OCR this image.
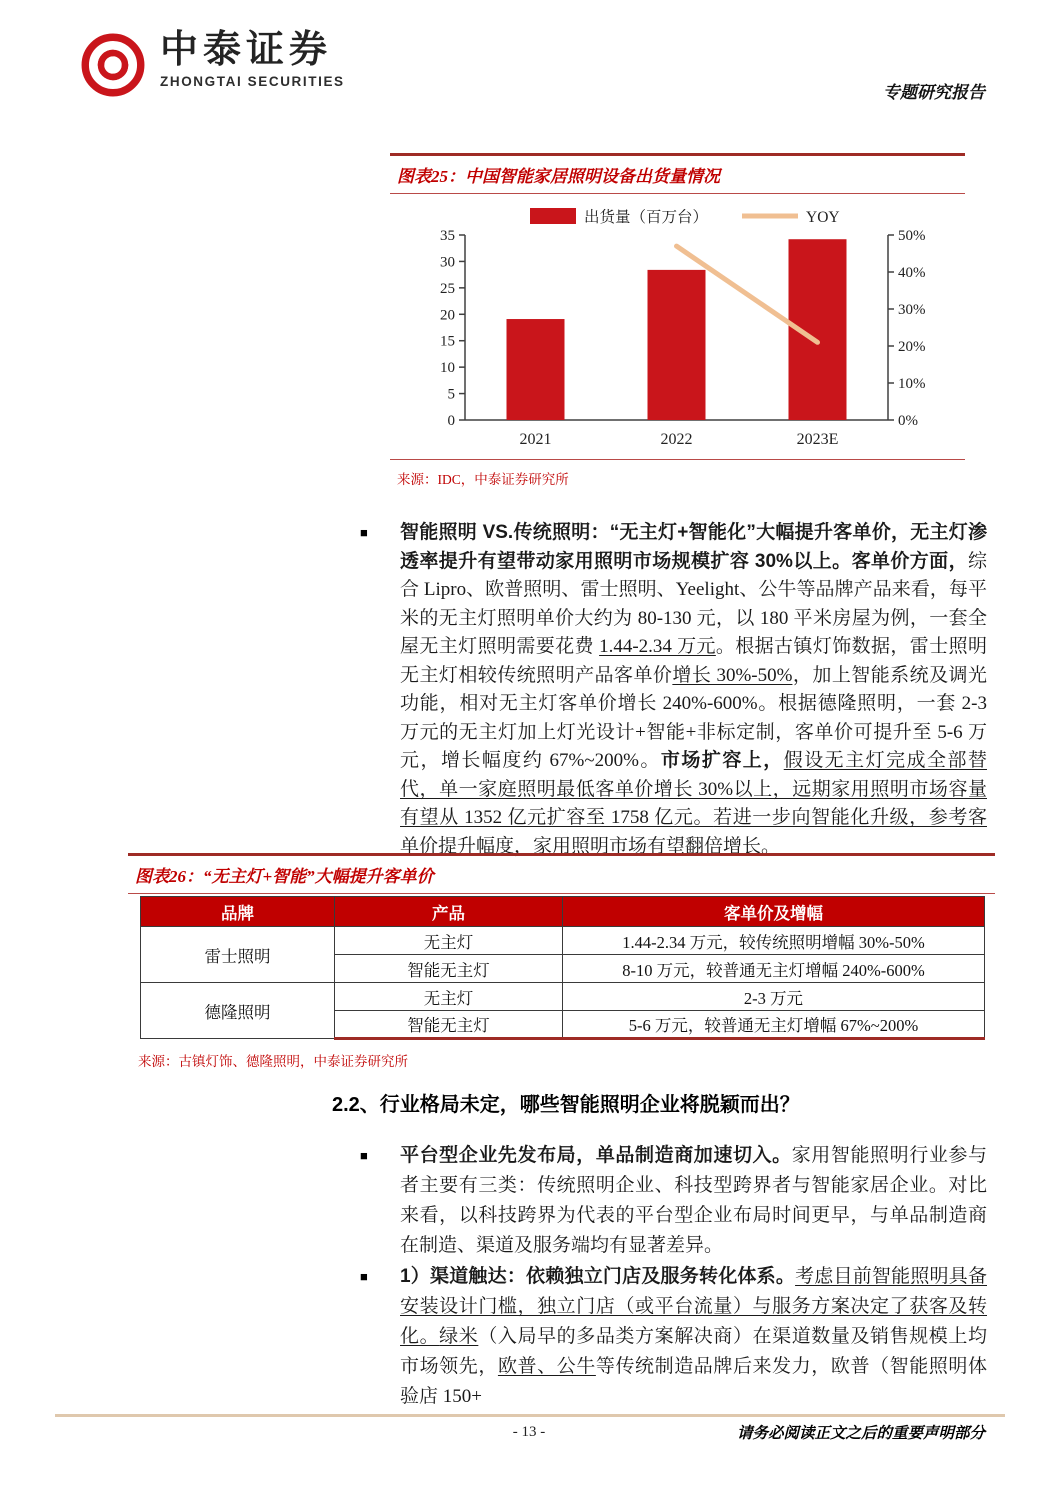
中泰证券
ZHONGTAI SECURITIES
专题研究报告
图表25：中国智能家居照明设备出货量情况
0
5
10
15
20
25
30
35
0%
10%
20%
30%
40%
50%
2021	2022	2023E
出货量（百万台）	YOY
来源：IDC，中泰证券研究所
■	智能照明 VS.传统照明：“无主灯+智能化”大幅提升客单价，无主灯渗透率提升有望带动家用照明市场规模扩容 30%以上。客单价方面，综合 Lipro、欧普照明、雷士照明、Yeelight、公牛等品牌产品来看，每平米的无主灯照明单价大约为 80-130 元，以 180 平米房屋为例，一套全屋无主灯照明需要花费 1.44-2.34 万元。根据古镇灯饰数据，雷士照明无主灯相较传统照明产品客单价增长 30%-50%，加上智能系统及调光功能，相对无主灯客单价增长 240%-600%。根据德隆照明，一套 2-3 万元的无主灯加上灯光设计+智能+非标定制，客单价可提升至 5-6 万元，增长幅度约 67%~200%。市场扩容上，假设无主灯完成全部替代，单一家庭照明最低客单价增长 30%以上，远期家用照明市场容量有望从 1352 亿元扩容至 1758 亿元。若进一步向智能化升级，参考客单价提升幅度，家用照明市场有望翻倍增长。
图表26：“无主灯+智能”大幅提升客单价
品牌	产品	客单价及增幅
雷士照明	无主灯	1.44-2.34 万元，较传统照明增幅 30%-50%
	智能无主灯	8-10 万元，较普通无主灯增幅 240%-600%
德隆照明	无主灯	2-3 万元
	智能无主灯	5-6 万元，较普通无主灯增幅 67%~200%
来源：古镇灯饰、德隆照明，中泰证券研究所
2.2、行业格局未定，哪些智能照明企业将脱颖而出？
■	平台型企业先发布局，单品制造商加速切入。家用智能照明行业参与者主要有三类：传统照明企业、科技型跨界者与智能家居企业。对比来看，以科技跨界为代表的平台型企业布局时间更早，与单品制造商在制造、渠道及服务端均有显著差异。
■	1）渠道触达：依赖独立门店及服务转化体系。考虑目前智能照明具备安装设计门槛，独立门店（或平台流量）与服务方案决定了获客及转化。绿米（入局早的多品类方案解决商）在渠道数量及销售规模上均市场领先，欧普、公牛等传统制造品牌后来发力，欧普（智能照明体验店 150+
- 13 -	请务必阅读正文之后的重要声明部分
